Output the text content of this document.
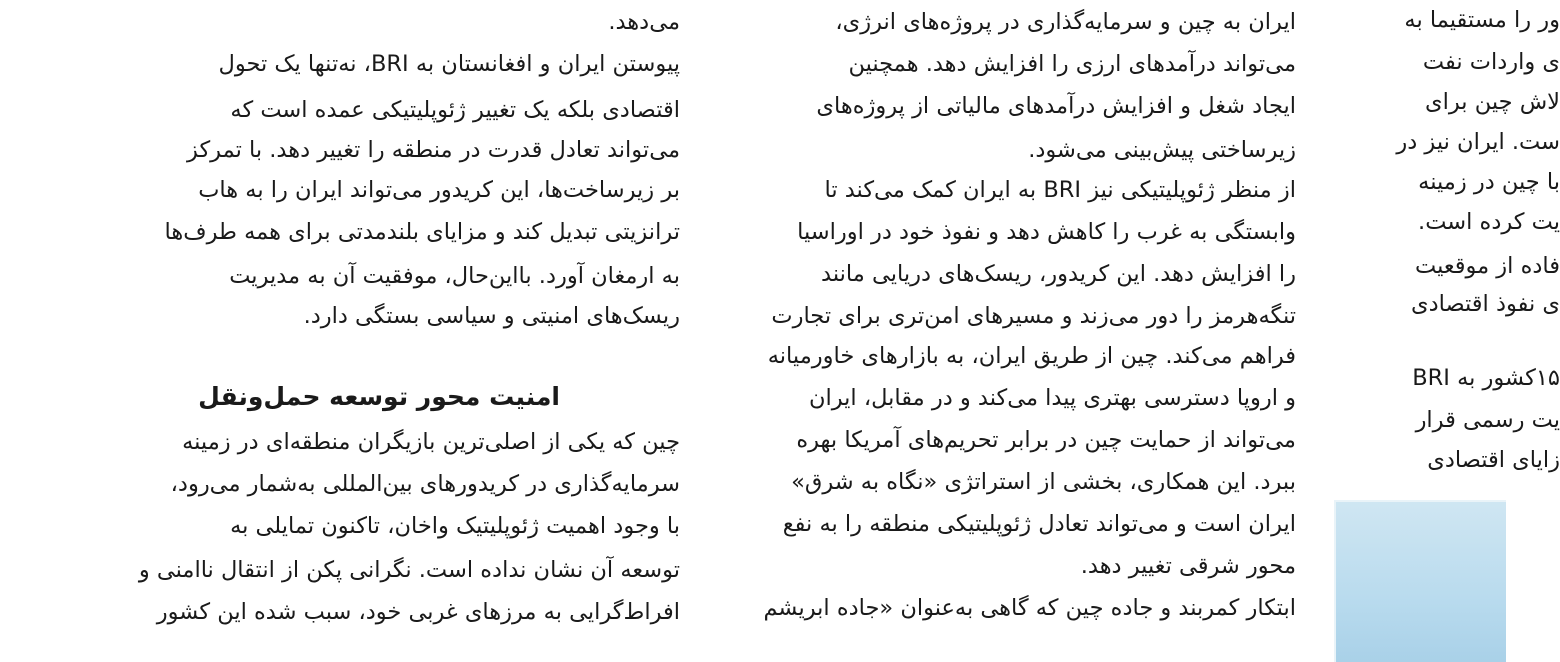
می‌دهد.
پیوستن ایران و افغانستان به BRI، نه‌تنها یک تحول
اقتصادی بلکه یک تغییر ژئوپلیتیکی عمده است که
می‌تواند تعادل قدرت در منطقه را تغییر دهد. با تمرکز
بر زیرساخت‌ها، این کریدور می‌تواند ایران را به هاب
ترانزیتی تبدیل کند و مزایای بلندمدتی برای همه طرف‌ها
به ارمغان آورد. بااین‌حال، موفقیت آن به مدیریت
ریسک‌های امنیتی و سیاسی بستگی دارد.
امنیت محور توسعه حمل‌ونقل
چین که یکی از اصلی‌ترین بازیگران منطقه‌ای در زمینه
سرمایه‌گذاری در کریدورهای بین‌المللی به‌شمار می‌رود،
با وجود اهمیت ژئوپلیتیک واخان، تاکنون تمایلی به
توسعه آن نشان نداده است. نگرانی پکن از انتقال ناامنی و
افراط‌گرایی به مرزهای غربی خود، سبب شده این کشور
ایران به چین و سرمایه‌گذاری در پروژه‌های انرژی،
می‌تواند درآمدهای ارزی را افزایش دهد. همچنین
ایجاد شغل و افزایش درآمدهای مالیاتی از پروژه‌های
زیرساختی پیش‌بینی می‌شود.
از منظر ژئوپلیتیکی نیز BRI به ایران کمک می‌کند تا
وابستگی به غرب را کاهش دهد و نفوذ خود در اوراسیا
را افزایش دهد. این کریدور، ریسک‌های دریایی مانند
تنگه‌هرمز را دور می‌زند و مسیرهای امن‌تری برای تجارت
فراهم می‌کند. چین از طریق ایران، به بازارهای خاورمیانه
و اروپا دسترسی بهتری پیدا می‌کند و در مقابل، ایران
می‌تواند از حمایت چین در برابر تحریم‌های آمریکا بهره
ببرد. این همکاری، بخشی از استراتژی «نگاه به شرق»
ایران است و می‌تواند تعادل ژئوپلیتیکی منطقه را به نفع
محور شرقی تغییر دهد.
ابتکار کمربند و جاده چین که گاهی به‌عنوان «جاده ابریشم
ور را مستقیما به
ی واردات نفت
لاش چین برای
ست. ایران نیز در
با چین در زمینه
یت کرده است.
فاده از موقعیت
ی نفوذ اقتصادی
۱۵کشور به BRI
یت رسمی قرار
زایای اقتصادی
